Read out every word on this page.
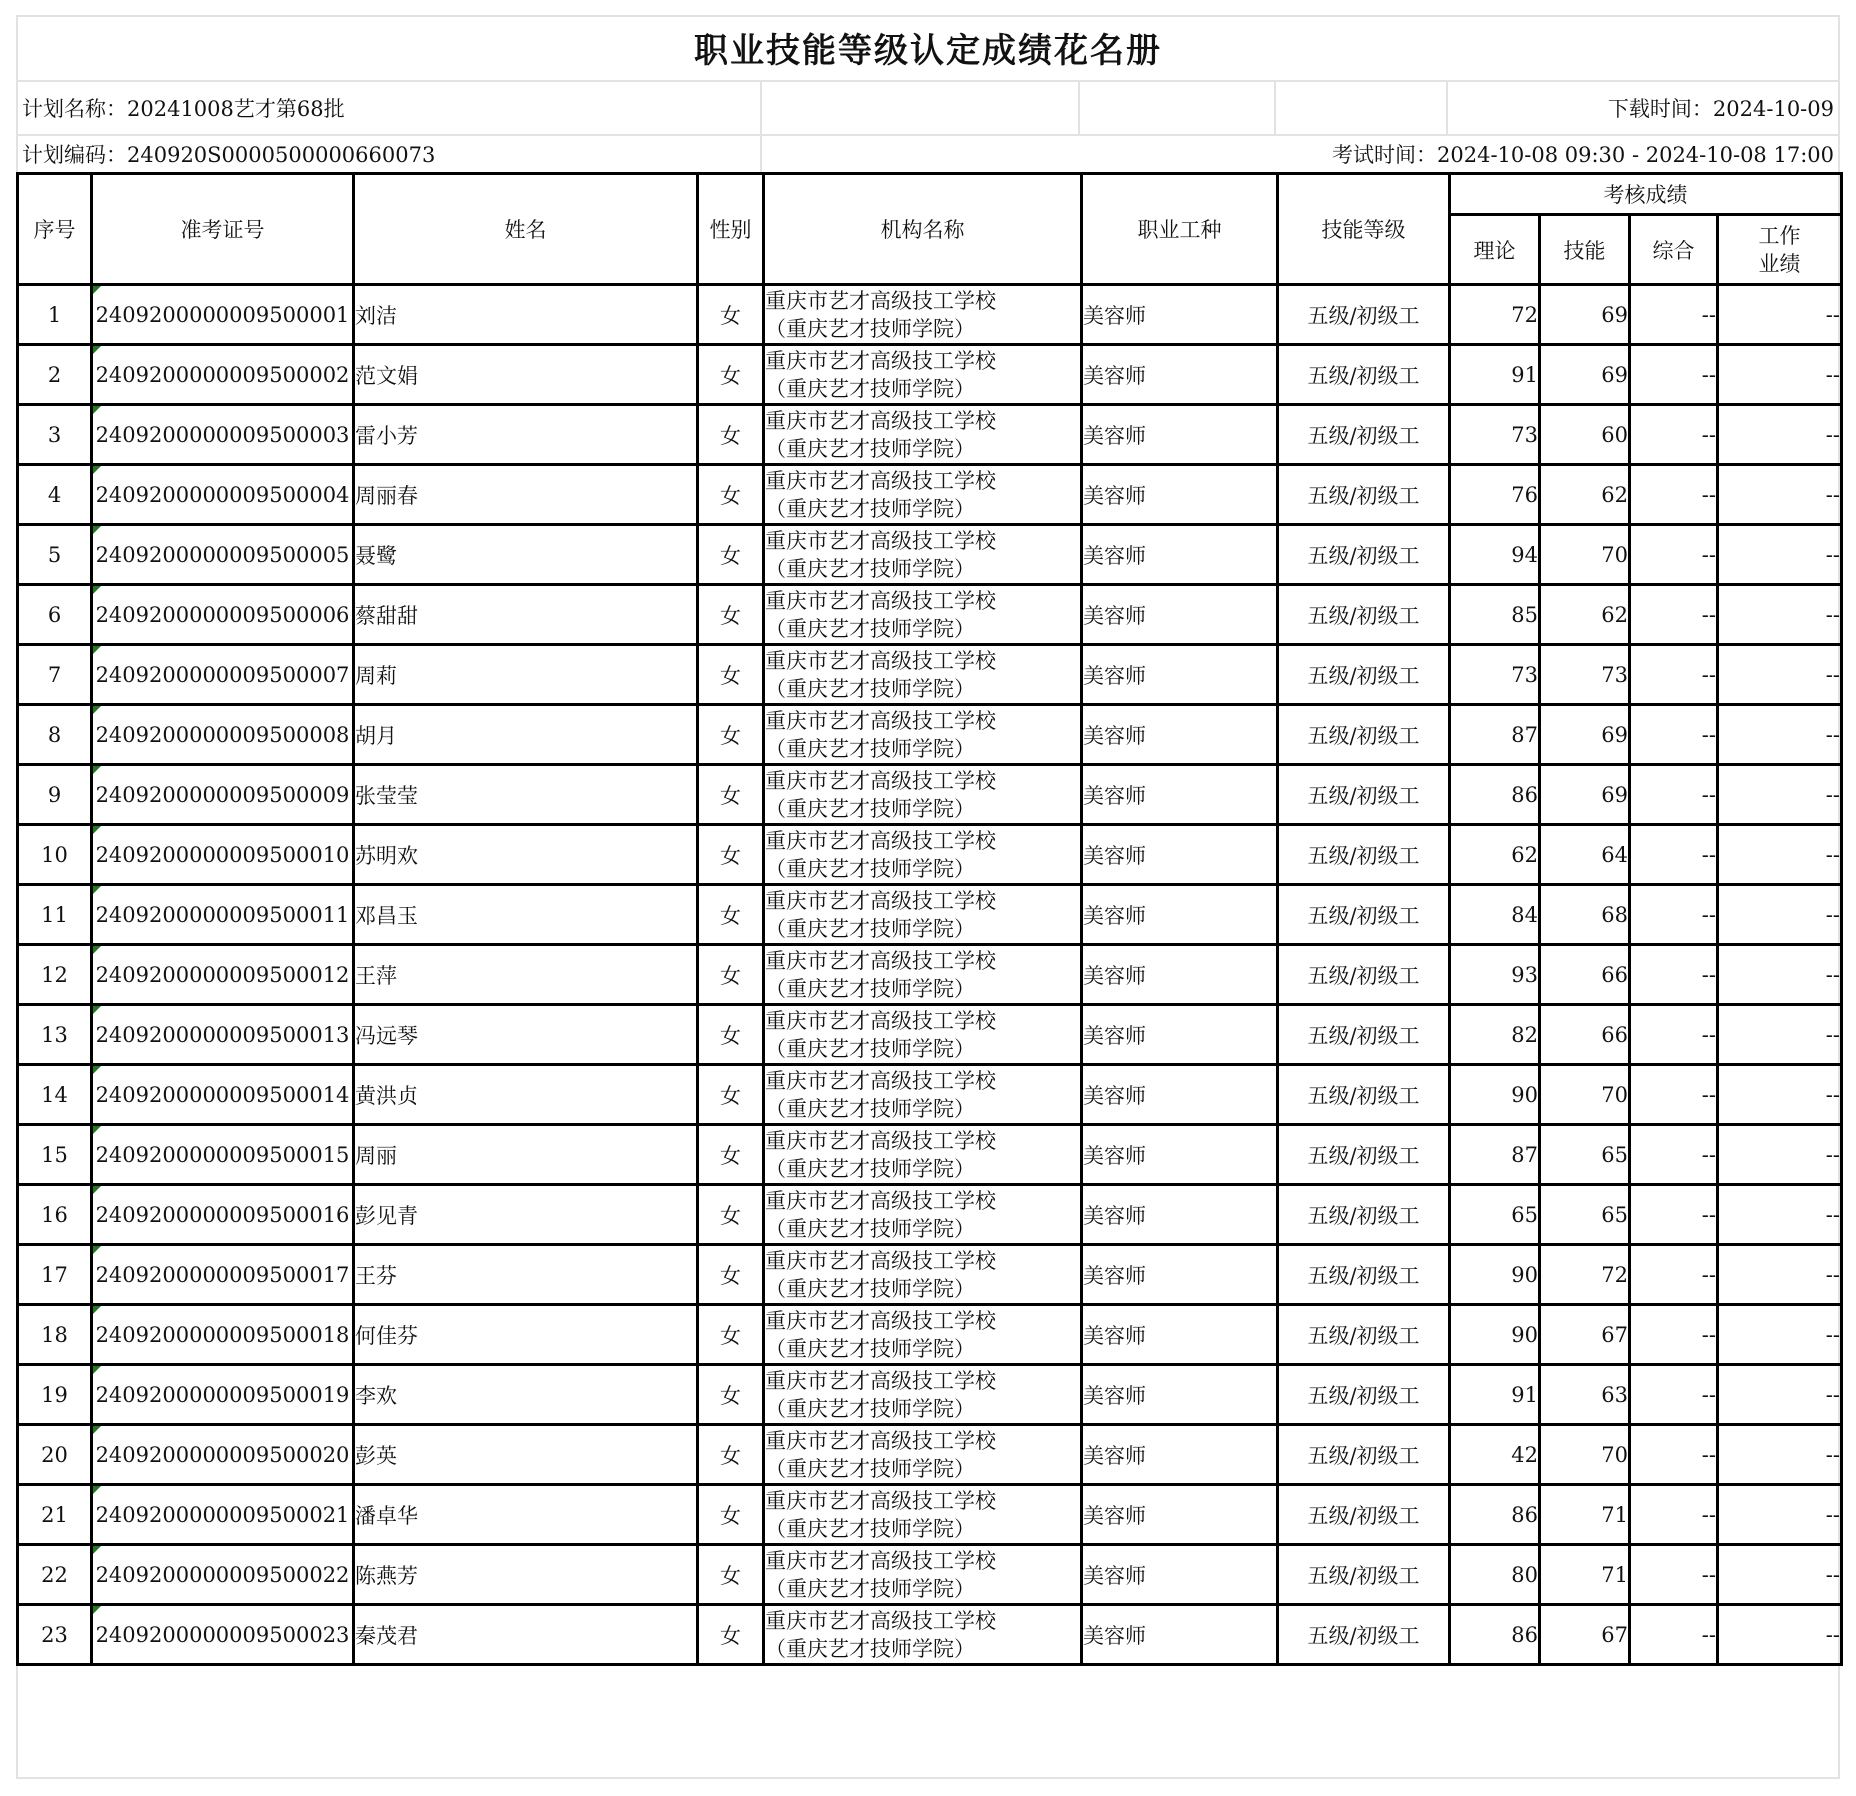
职业技能等级认定成绩花名册
计划名称：20241008艺才第68批	下载时间：2024-10-09
计划编码：240920S0000500000660073	考试时间：2024-10-08 09:30 - 2024-10-08 17:00
序号	准考证号	姓名	性别	机构名称	职业工种	技能等级	考核成绩			
							理论	技能	综合	工作
业绩
1	2409200000009500001	刘洁	女	重庆市艺才高级技工学校
（重庆艺才技师学院）	美容师	五级/初级工	72	69	--	--
2	2409200000009500002	范文娟	女	重庆市艺才高级技工学校
（重庆艺才技师学院）	美容师	五级/初级工	91	69	--	--
3	2409200000009500003	雷小芳	女	重庆市艺才高级技工学校
（重庆艺才技师学院）	美容师	五级/初级工	73	60	--	--
4	2409200000009500004	周丽春	女	重庆市艺才高级技工学校
（重庆艺才技师学院）	美容师	五级/初级工	76	62	--	--
5	2409200000009500005	聂鹭	女	重庆市艺才高级技工学校
（重庆艺才技师学院）	美容师	五级/初级工	94	70	--	--
6	2409200000009500006	蔡甜甜	女	重庆市艺才高级技工学校
（重庆艺才技师学院）	美容师	五级/初级工	85	62	--	--
7	2409200000009500007	周莉	女	重庆市艺才高级技工学校
（重庆艺才技师学院）	美容师	五级/初级工	73	73	--	--
8	2409200000009500008	胡月	女	重庆市艺才高级技工学校
（重庆艺才技师学院）	美容师	五级/初级工	87	69	--	--
9	2409200000009500009	张莹莹	女	重庆市艺才高级技工学校
（重庆艺才技师学院）	美容师	五级/初级工	86	69	--	--
10	2409200000009500010	苏明欢	女	重庆市艺才高级技工学校
（重庆艺才技师学院）	美容师	五级/初级工	62	64	--	--
11	2409200000009500011	邓昌玉	女	重庆市艺才高级技工学校
（重庆艺才技师学院）	美容师	五级/初级工	84	68	--	--
12	2409200000009500012	王萍	女	重庆市艺才高级技工学校
（重庆艺才技师学院）	美容师	五级/初级工	93	66	--	--
13	2409200000009500013	冯远琴	女	重庆市艺才高级技工学校
（重庆艺才技师学院）	美容师	五级/初级工	82	66	--	--
14	2409200000009500014	黄洪贞	女	重庆市艺才高级技工学校
（重庆艺才技师学院）	美容师	五级/初级工	90	70	--	--
15	2409200000009500015	周丽	女	重庆市艺才高级技工学校
（重庆艺才技师学院）	美容师	五级/初级工	87	65	--	--
16	2409200000009500016	彭见青	女	重庆市艺才高级技工学校
（重庆艺才技师学院）	美容师	五级/初级工	65	65	--	--
17	2409200000009500017	王芬	女	重庆市艺才高级技工学校
（重庆艺才技师学院）	美容师	五级/初级工	90	72	--	--
18	2409200000009500018	何佳芬	女	重庆市艺才高级技工学校
（重庆艺才技师学院）	美容师	五级/初级工	90	67	--	--
19	2409200000009500019	李欢	女	重庆市艺才高级技工学校
（重庆艺才技师学院）	美容师	五级/初级工	91	63	--	--
20	2409200000009500020	彭英	女	重庆市艺才高级技工学校
（重庆艺才技师学院）	美容师	五级/初级工	42	70	--	--
21	2409200000009500021	潘卓华	女	重庆市艺才高级技工学校
（重庆艺才技师学院）	美容师	五级/初级工	86	71	--	--
22	2409200000009500022	陈燕芳	女	重庆市艺才高级技工学校
（重庆艺才技师学院）	美容师	五级/初级工	80	71	--	--
23	2409200000009500023	秦茂君	女	重庆市艺才高级技工学校
（重庆艺才技师学院）	美容师	五级/初级工	86	67	--	--
